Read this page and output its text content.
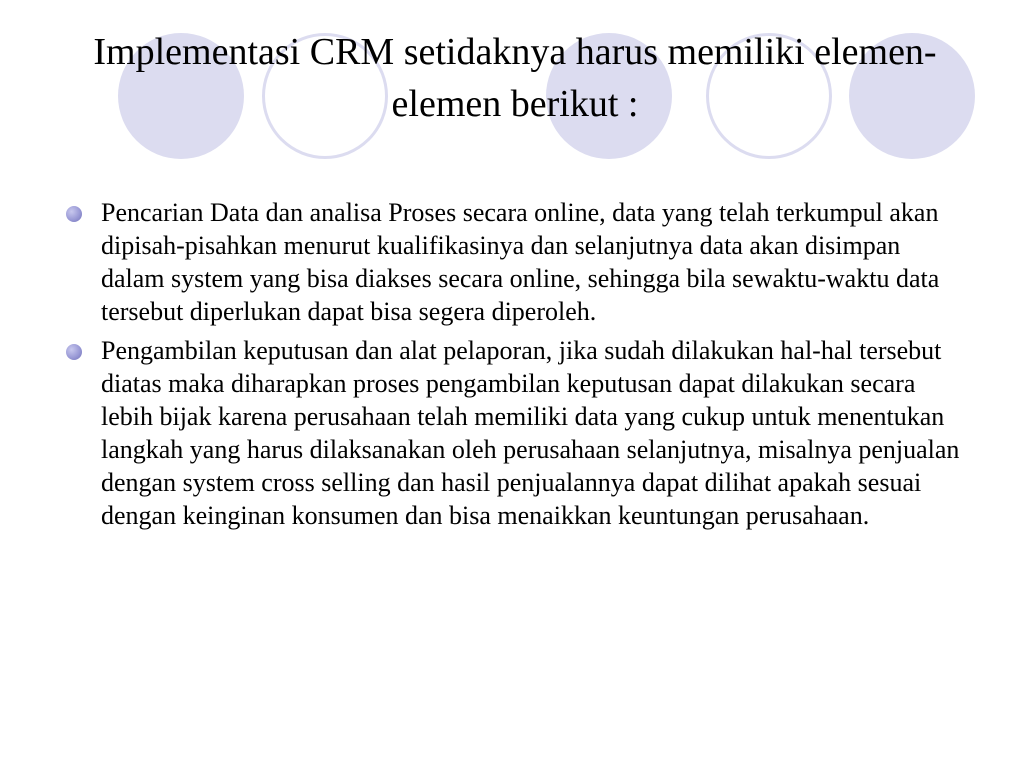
Implementasi CRM setidaknya harus memiliki elemen-elemen berikut :
Pencarian Data dan analisa Proses secara online, data yang telah terkumpul akan dipisah-pisahkan menurut kualifikasinya dan selanjutnya data akan disimpan dalam system yang bisa diakses secara online, sehingga bila sewaktu-waktu data tersebut diperlukan dapat bisa segera diperoleh.
Pengambilan keputusan dan alat pelaporan, jika sudah dilakukan hal-hal tersebut diatas maka diharapkan proses pengambilan keputusan dapat dilakukan secara lebih bijak karena perusahaan telah memiliki data yang cukup untuk menentukan langkah yang harus dilaksanakan oleh perusahaan selanjutnya, misalnya penjualan dengan system cross selling dan hasil penjualannya dapat dilihat apakah sesuai dengan keinginan konsumen dan bisa menaikkan keuntungan perusahaan.
